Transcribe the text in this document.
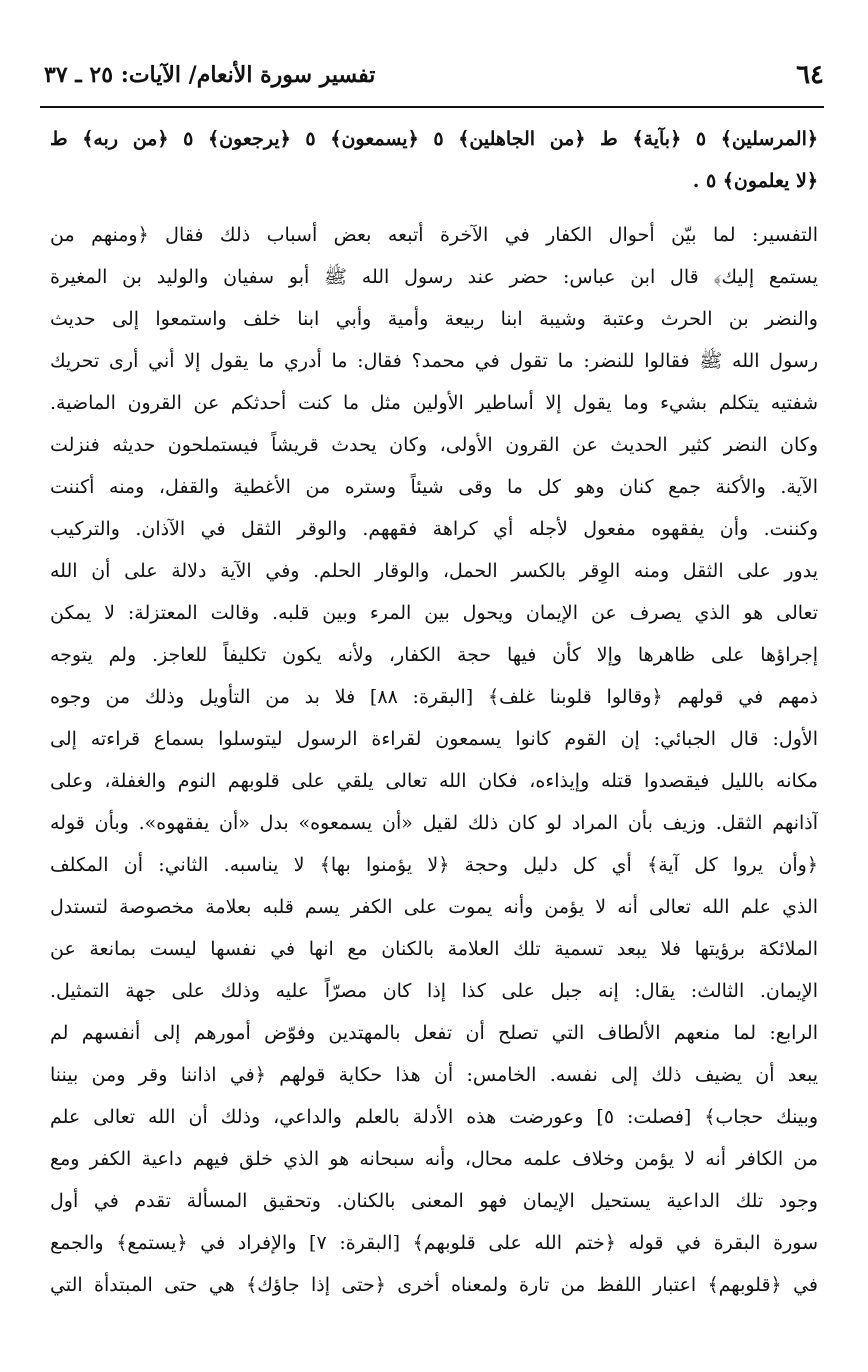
٦٤
تفسير سورة الأنعام/ الآيات: ٢٥ ـ ٣٧
﴿المرسلين﴾ ٥ ﴿بآية﴾ ط ﴿من الجاهلين﴾ ٥ ﴿يسمعون﴾ ٥ ﴿يرجعون﴾ ٥ ﴿من ربه﴾ ط
﴿لا يعلمون﴾ ٥ .
التفسير: لما بيّن أحوال الكفار في الآخرة أتبعه بعض أسباب ذلك فقال ﴿ومنهم من
يستمع إليك﴾ قال ابن عباس: حضر عند رسول الله ﷺ أبو سفيان والوليد بن المغيرة
والنضر بن الحرث وعتبة وشيبة ابنا ربيعة وأمية وأبي ابنا خلف واستمعوا إلى حديث
رسول الله ﷺ فقالوا للنضر: ما تقول في محمد؟ فقال: ما أدري ما يقول إلا أني أرى تحريك
شفتيه يتكلم بشيء وما يقول إلا أساطير الأولين مثل ما كنت أحدثكم عن القرون الماضية.
وكان النضر كثير الحديث عن القرون الأولى، وكان يحدث قريشاً فيستملحون حديثه فنزلت
الآية. والأكنة جمع كنان وهو كل ما وقى شيئاً وستره من الأغطية والقفل، ومنه أكننت
وكننت. وأن يفقهوه مفعول لأجله أي كراهة فقههم. والوقر الثقل في الآذان. والتركيب
يدور على الثقل ومنه الوِقر بالكسر الحمل، والوقار الحلم. وفي الآية دلالة على أن الله
تعالى هو الذي يصرف عن الإيمان ويحول بين المرء وبين قلبه. وقالت المعتزلة: لا يمكن
إجراؤها على ظاهرها وإلا كأن فيها حجة الكفار، ولأنه يكون تكليفاً للعاجز. ولم يتوجه
ذمهم في قولهم ﴿وقالوا قلوبنا غلف﴾ [البقرة: ٨٨] فلا بد من التأويل وذلك من وجوه
الأول: قال الجبائي: إن القوم كانوا يسمعون لقراءة الرسول ليتوسلوا بسماع قراءته إلى
مكانه بالليل فيقصدوا قتله وإيذاءه، فكان الله تعالى يلقي على قلوبهم النوم والغفلة، وعلى
آذانهم الثقل. وزيف بأن المراد لو كان ذلك لقيل «أن يسمعوه» بدل «أن يفقهوه». وبأن قوله
﴿وأن يروا كل آية﴾ أي كل دليل وحجة ﴿لا يؤمنوا بها﴾ لا يناسبه. الثاني: أن المكلف
الذي علم الله تعالى أنه لا يؤمن وأنه يموت على الكفر يسم قلبه بعلامة مخصوصة لتستدل
الملائكة برؤيتها فلا يبعد تسمية تلك العلامة بالكنان مع انها في نفسها ليست بمانعة عن
الإيمان. الثالث: يقال: إنه جبل على كذا إذا كان مصرّاً عليه وذلك على جهة التمثيل.
الرابع: لما منعهم الألطاف التي تصلح أن تفعل بالمهتدين وفوّض أمورهم إلى أنفسهم لم
يبعد أن يضيف ذلك إلى نفسه. الخامس: أن هذا حكاية قولهم ﴿في اذاننا وقر ومن بيننا
وبينك حجاب﴾ [فصلت: ٥] وعورضت هذه الأدلة بالعلم والداعي، وذلك أن الله تعالى علم
من الكافر أنه لا يؤمن وخلاف علمه محال، وأنه سبحانه هو الذي خلق فيهم داعية الكفر ومع
وجود تلك الداعية يستحيل الإيمان فهو المعنى بالكنان. وتحقيق المسألة تقدم في أول
سورة البقرة في قوله ﴿ختم الله على قلوبهم﴾ [البقرة: ٧] والإفراد في ﴿يستمع﴾ والجمع
في ﴿قلوبهم﴾ اعتبار اللفظ من تارة ولمعناه أخرى ﴿حتى إذا جاؤك﴾ هي حتى المبتدأة التي
